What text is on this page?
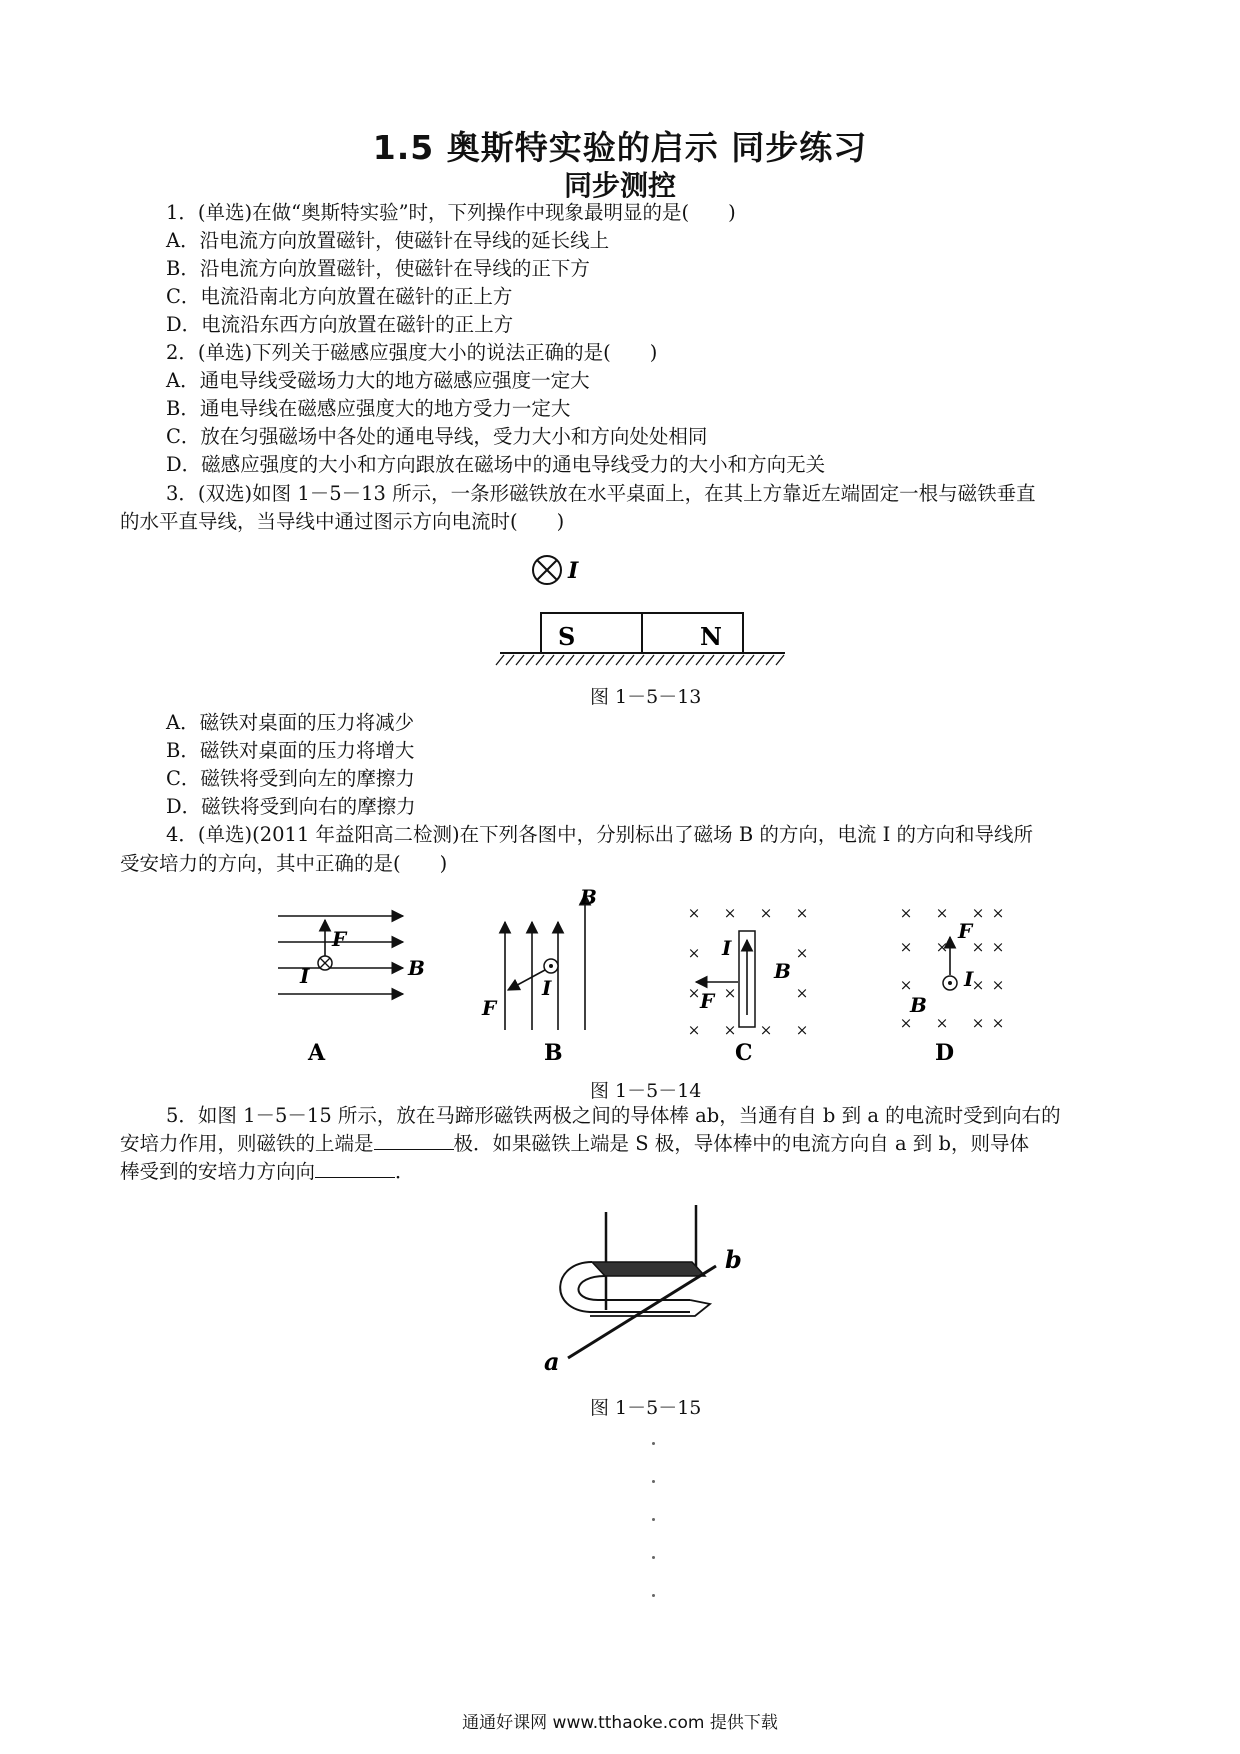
1.5 奥斯特实验的启示 同步练习
同步测控
1．(单选)在做“奥斯特实验”时，下列操作中现象最明显的是(　　)
A．沿电流方向放置磁针，使磁针在导线的延长线上
B．沿电流方向放置磁针，使磁针在导线的正下方
C．电流沿南北方向放置在磁针的正上方
D．电流沿东西方向放置在磁针的正上方
2．(单选)下列关于磁感应强度大小的说法正确的是(　　)
A．通电导线受磁场力大的地方磁感应强度一定大
B．通电导线在磁感应强度大的地方受力一定大
C．放在匀强磁场中各处的通电导线，受力大小和方向处处相同
D．磁感应强度的大小和方向跟放在磁场中的通电导线受力的大小和方向无关
3．(双选)如图 1－5－13 所示，一条形磁铁放在水平桌面上，在其上方靠近左端固定一根与磁铁垂直
的水平直导线，当导线中通过图示方向电流时(　　)
I
S	N
图 1－5－13
A．磁铁对桌面的压力将减少
B．磁铁对桌面的压力将增大
C．磁铁将受到向左的摩擦力
D．磁铁将受到向右的摩擦力
4．(单选)(2011 年益阳高二检测)在下列各图中，分别标出了磁场 B 的方向，电流 I 的方向和导线所
受安培力的方向，其中正确的是(　　)
F
I	B
A
B
I
F
B
× × × ×
×	×
× ×	×
× × × ×
I
F
B
C
× × × ×
× × × ×
×	× ×
× × × ×
F
I
B
D
图 1－5－14
5．如图 1－5－15 所示，放在马蹄形磁铁两极之间的导体棒 ab，当通有自 b 到 a 的电流时受到向右的
安培力作用，则磁铁的上端是	极．如果磁铁上端是 S 极，导体棒中的电流方向自 a 到 b，则导体
棒受到的安培力方向向	．
b
a
图 1－5－15
通通好课网 www.tthaoke.com 提供下载
